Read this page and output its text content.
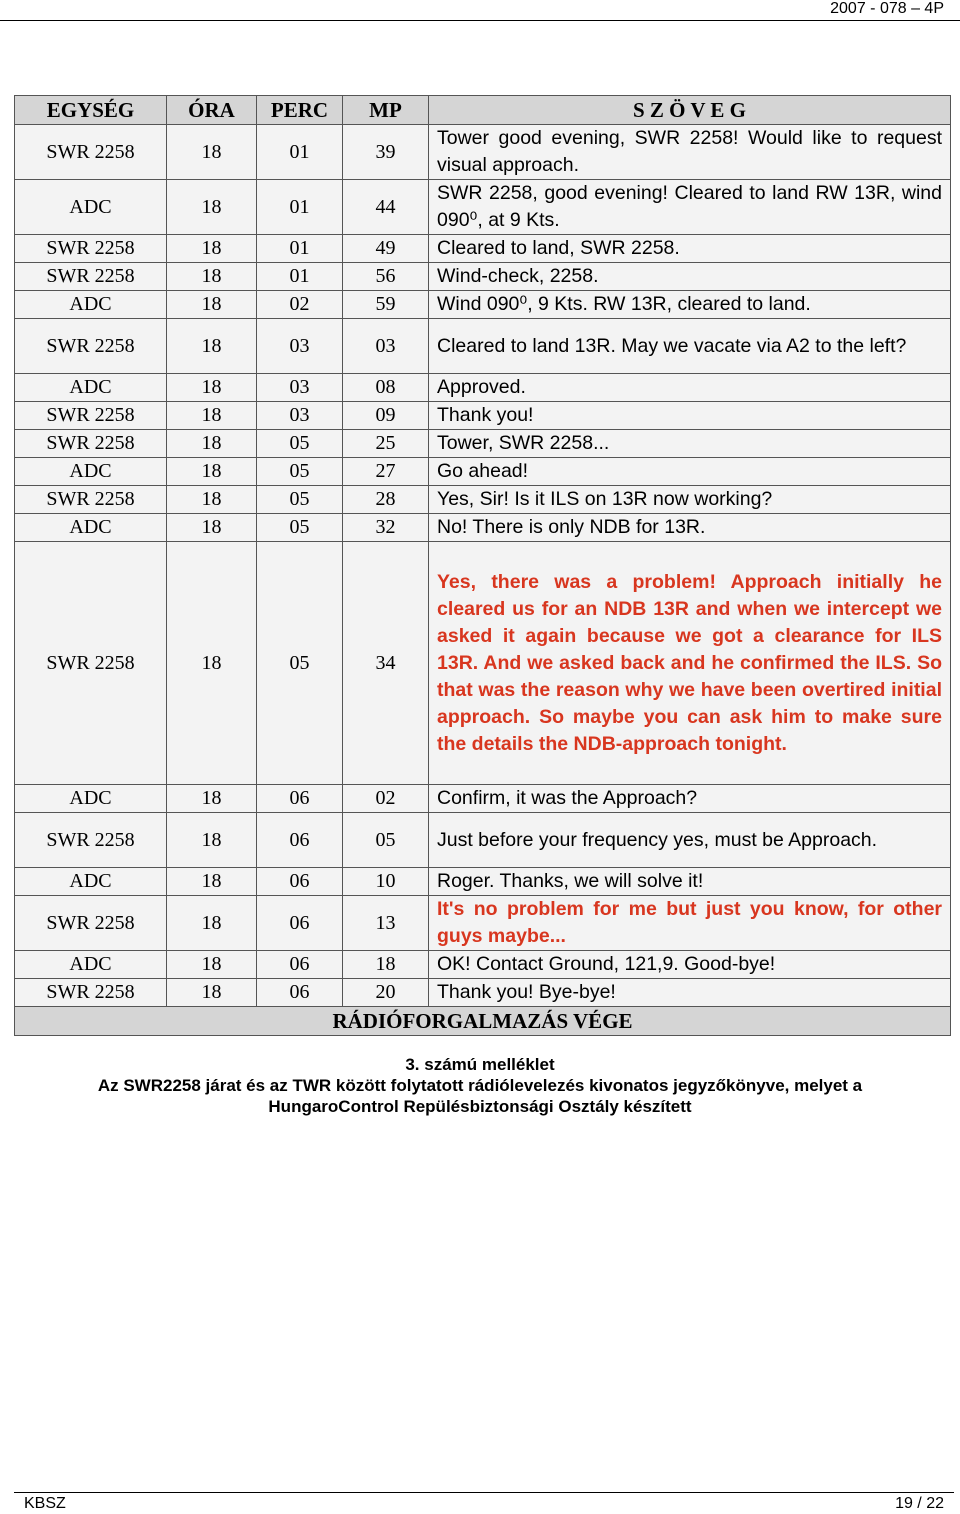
2007 - 078 – 4P
EGYSÉG	ÓRA	PERC	MP	S Z Ö V E G
SWR 2258	18	01	39	Tower good evening, SWR 2258! Would like to request visual approach.
ADC	18	01	44	SWR 2258, good evening! Cleared to land RW 13R, wind 090⁰, at 9 Kts.
SWR 2258	18	01	49	Cleared to land, SWR 2258.
SWR 2258	18	01	56	Wind-check, 2258.
ADC	18	02	59	Wind 090⁰, 9 Kts. RW 13R, cleared to land.
SWR 2258	18	03	03	Cleared to land 13R. May we vacate via A2 to the left?
ADC	18	03	08	Approved.
SWR 2258	18	03	09	Thank you!
SWR 2258	18	05	25	Tower, SWR 2258...
ADC	18	05	27	Go ahead!
SWR 2258	18	05	28	Yes, Sir! Is it ILS on 13R now working?
ADC	18	05	32	No! There is only NDB for 13R.
SWR 2258	18	05	34	Yes, there was a problem! Approach initially he cleared us for an NDB 13R and when we intercept we asked it again because we got a clearance for ILS 13R. And we asked back and he confirmed the ILS. So that was the reason why we have been overtired initial approach. So maybe you can ask him to make sure the details the NDB-approach tonight.
ADC	18	06	02	Confirm, it was the Approach?
SWR 2258	18	06	05	Just before your frequency yes, must be Approach.
ADC	18	06	10	Roger. Thanks, we will solve it!
SWR 2258	18	06	13	It's no problem for me but just you know, for other guys maybe...
ADC	18	06	18	OK! Contact Ground, 121,9. Good-bye!
SWR 2258	18	06	20	Thank you! Bye-bye!
RÁDIÓFORGALMAZÁS VÉGE				
3. számú melléklet
Az SWR2258 járat és az TWR között folytatott rádiólevelezés kivonatos jegyzőkönyve, melyet a
HungaroControl Repülésbiztonsági Osztály készített
KBSZ	19 / 22
